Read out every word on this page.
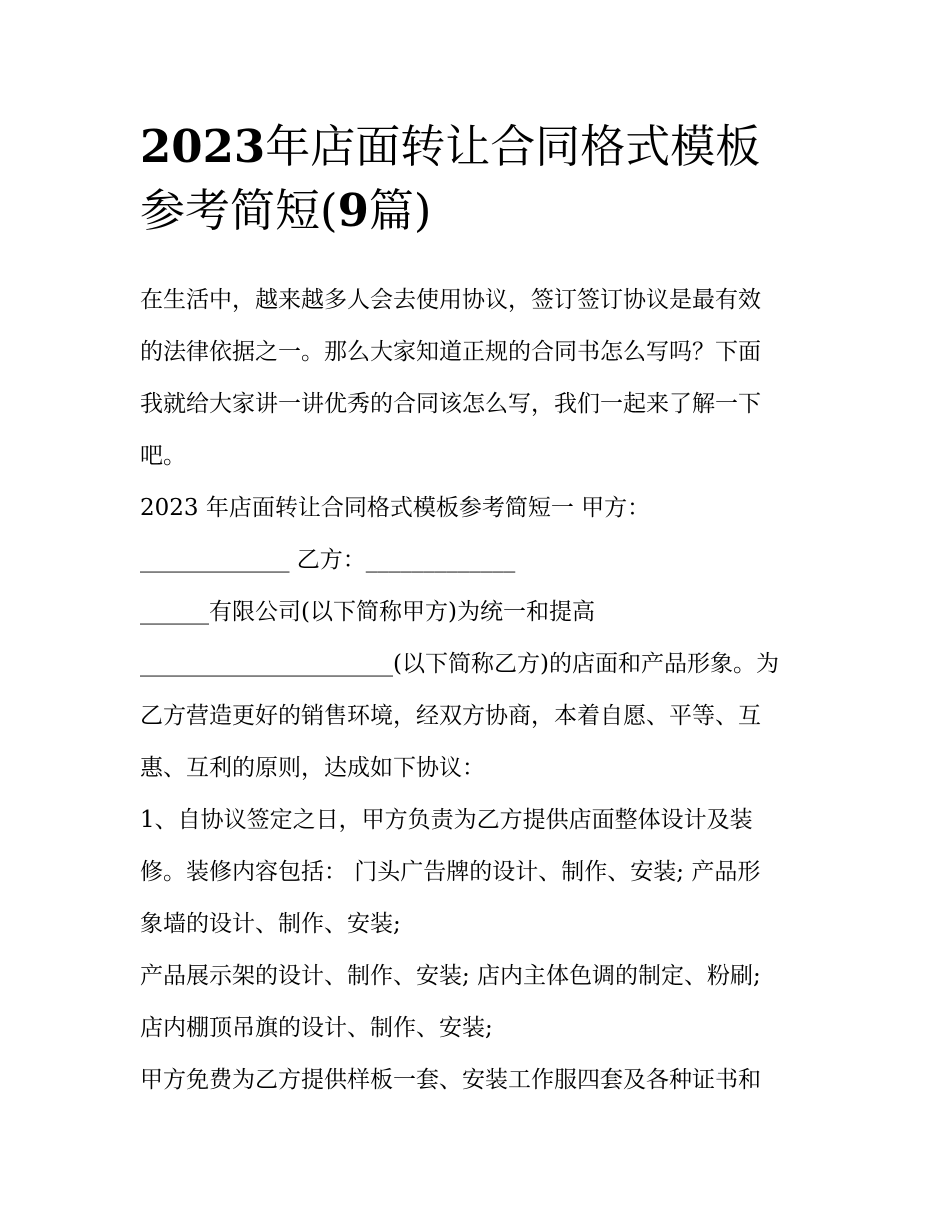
2023年店面转让合同格式模板
参考简短(9篇)
在生活中，越来越多人会去使用协议，签订签订协议是最有效
的法律依据之一。那么大家知道正规的合同书怎么写吗？下面
我就给大家讲一讲优秀的合同该怎么写，我们一起来了解一下
吧。
2023 年店面转让合同格式模板参考简短一 甲方：
_____________ 乙方：_____________
______有限公司(以下简称甲方)为统一和提高
______________________(以下简称乙方)的店面和产品形象。为
乙方营造更好的销售环境，经双方协商，本着自愿、平等、互
惠、互利的原则，达成如下协议：
1、自协议签定之日，甲方负责为乙方提供店面整体设计及装
修。装修内容包括： 门头广告牌的设计、制作、安装; 产品形
象墙的设计、制作、安装;
产品展示架的设计、制作、安装; 店内主体色调的制定、粉刷;
店内棚顶吊旗的设计、制作、安装;
甲方免费为乙方提供样板一套、安装工作服四套及各种证书和
